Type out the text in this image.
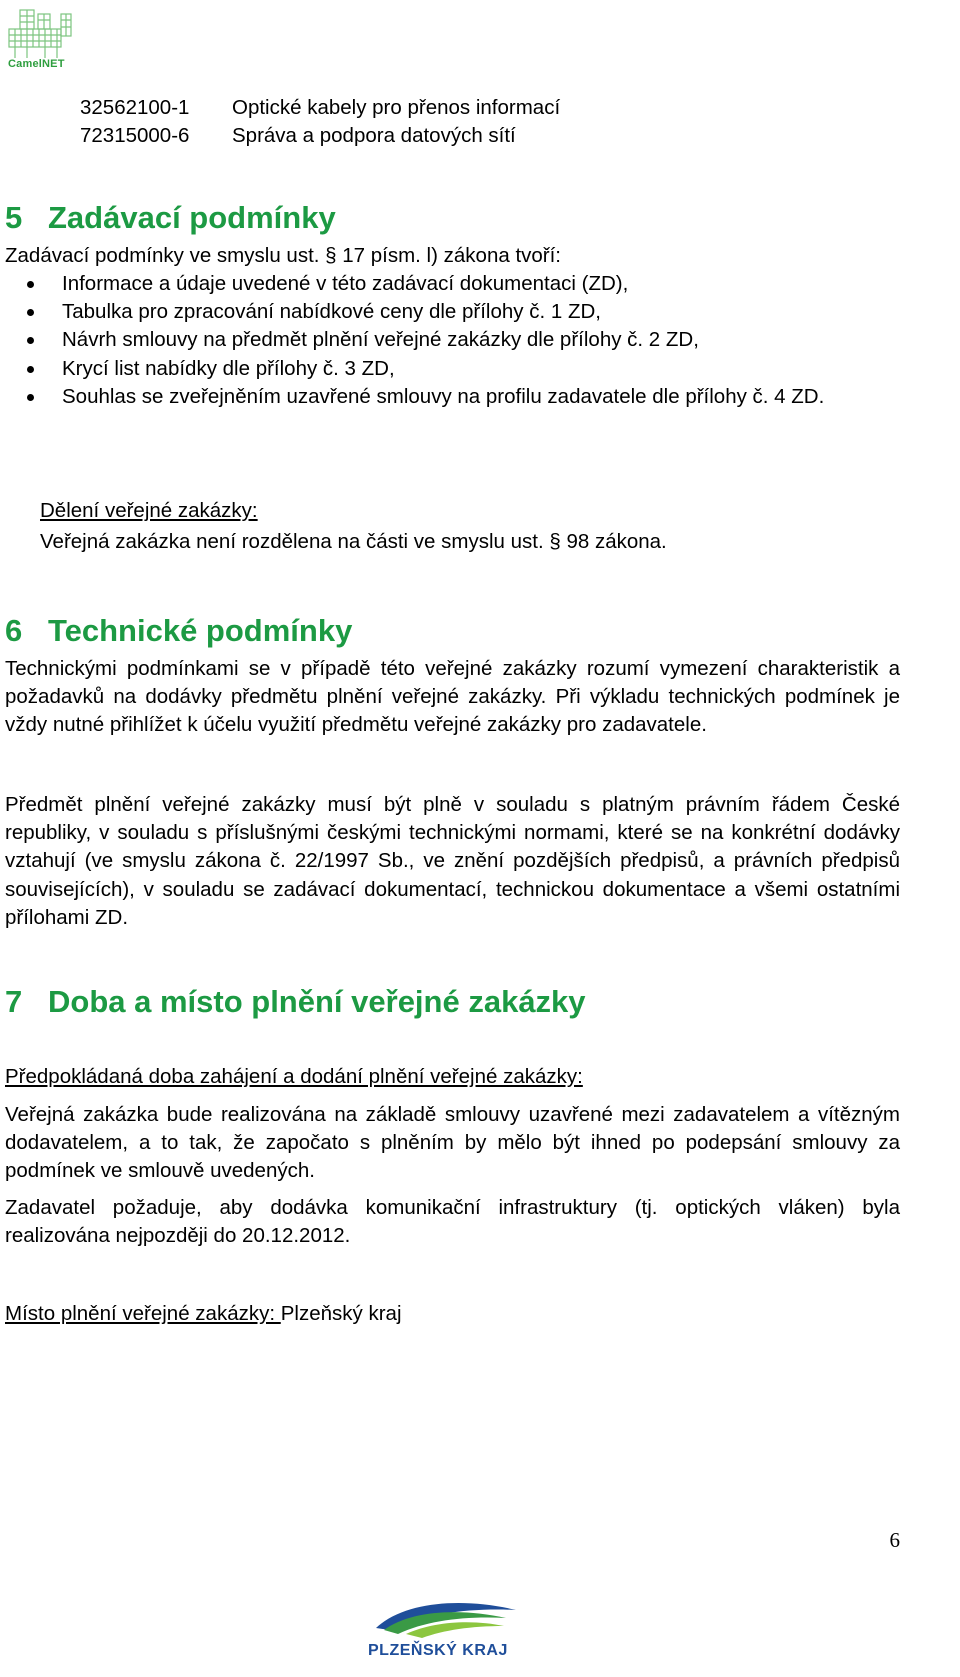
CamelNET
32562100-1 Optické kabely pro přenos informací
72315000-6 Správa a podpora datových sítí
5 Zadávací podmínky
Zadávací podmínky ve smyslu ust. § 17 písm. l) zákona tvoří:
Informace a údaje uvedené v této zadávací dokumentaci (ZD),
Tabulka pro zpracování nabídkové ceny dle přílohy č. 1 ZD,
Návrh smlouvy na předmět plnění veřejné zakázky dle přílohy č. 2 ZD,
Krycí list nabídky dle přílohy č. 3 ZD,
Souhlas se zveřejněním uzavřené smlouvy na profilu zadavatele dle přílohy č. 4 ZD.
Dělení veřejné zakázky:
Veřejná zakázka není rozdělena na části ve smyslu ust. § 98 zákona.
6 Technické podmínky
Technickými podmínkami se v případě této veřejné zakázky rozumí vymezení charakteristik a požadavků na dodávky předmětu plnění veřejné zakázky. Při výkladu technických podmínek je vždy nutné přihlížet k účelu využití předmětu veřejné zakázky pro zadavatele.
Předmět plnění veřejné zakázky musí být plně v souladu s platným právním řádem České republiky, v souladu s příslušnými českými technickými normami, které se na konkrétní dodávky vztahují (ve smyslu zákona č. 22/1997 Sb., ve znění pozdějších předpisů, a právních předpisů souvisejících), v souladu se zadávací dokumentací, technickou dokumentace a všemi ostatními přílohami ZD.
7 Doba a místo plnění veřejné zakázky
Předpokládaná doba zahájení a dodání plnění veřejné zakázky:
Veřejná zakázka bude realizována na základě smlouvy uzavřené mezi zadavatelem a vítězným dodavatelem, a to tak, že započato s plněním by mělo být ihned po podepsání smlouvy za podmínek ve smlouvě uvedených.
Zadavatel požaduje, aby dodávka komunikační infrastruktury (tj. optických vláken) byla realizována nejpozději do 20.12.2012.
Místo plnění veřejné zakázky: Plzeňský kraj
6
PLZEŇSKÝ KRAJ
